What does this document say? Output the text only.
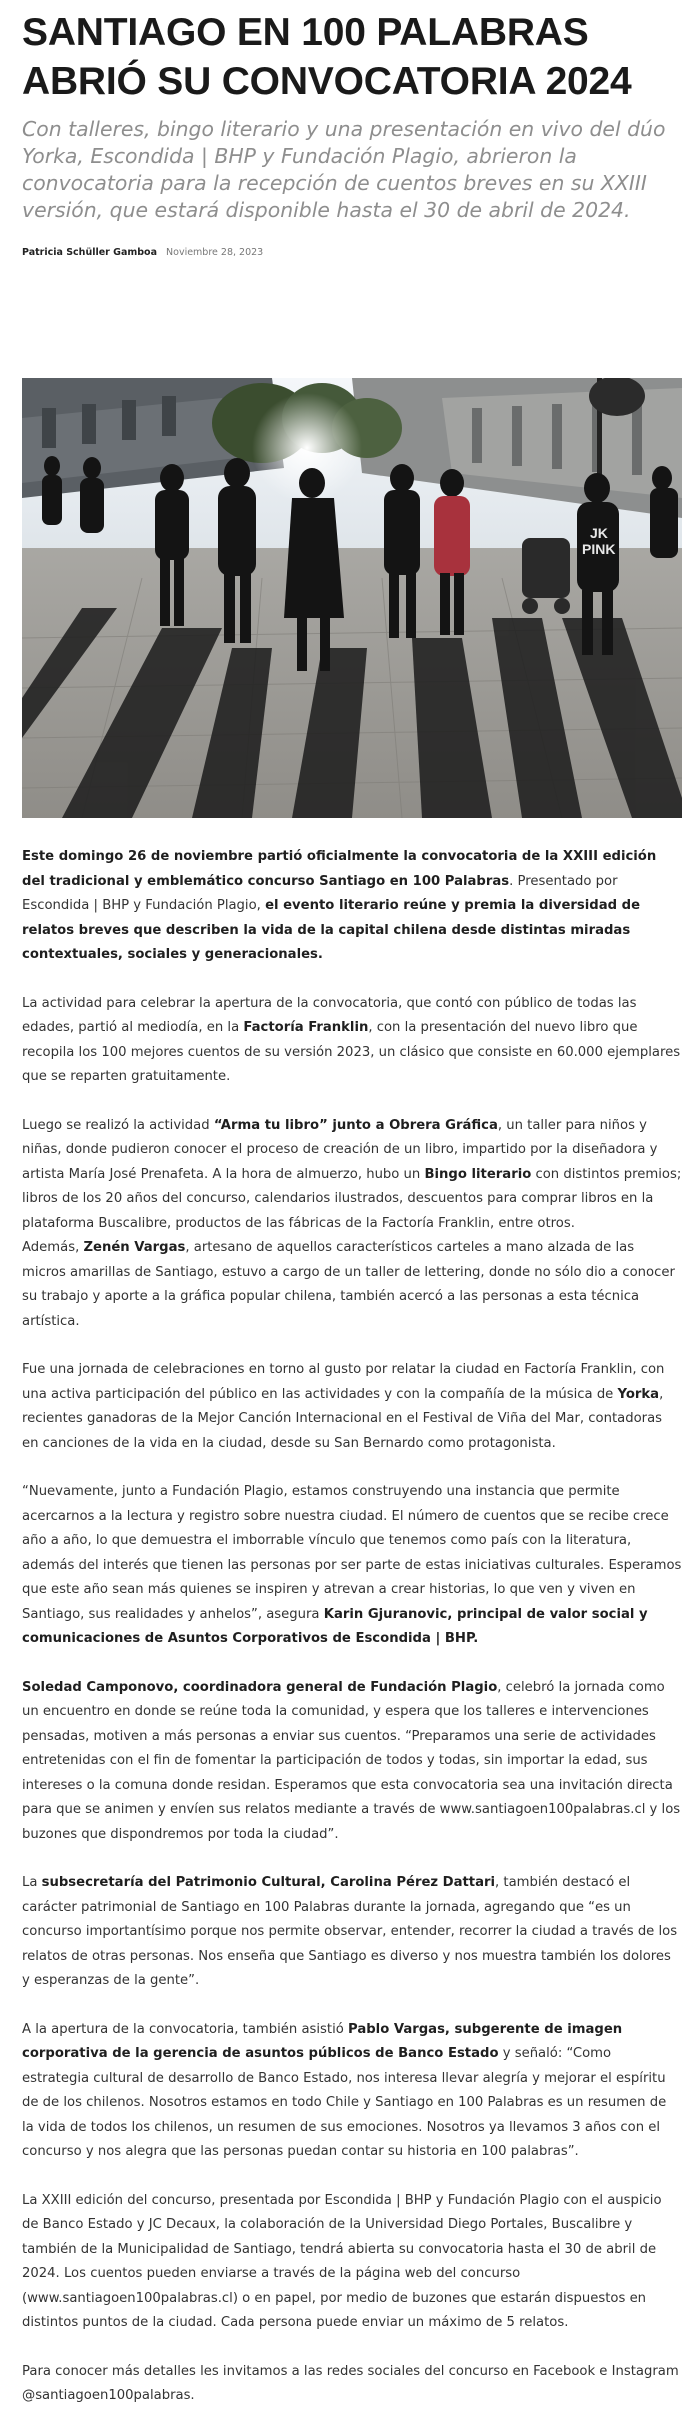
SANTIAGO EN 100 PALABRAS ABRIÓ SU CONVOCATORIA 2024

Con talleres, bingo literario y una presentación en vivo del dúo Yorka, Escondida | BHP y Fundación Plagio, abrieron la convocatoria para la recepción de cuentos breves en su XXIII versión, que estará disponible hasta el 30 de abril de 2024.

Patricia Schüller Gamboa Noviembre 28, 2023
JK
PINK

Este domingo 26 de noviembre partió oficialmente la convocatoria de la XXIII edición del tradicional y emblemático concurso Santiago en 100 Palabras. Presentado por Escondida | BHP y Fundación Plagio, el evento literario reúne y premia la diversidad de relatos breves que describen la vida de la capital chilena desde distintas miradas contextuales, sociales y generacionales.

La actividad para celebrar la apertura de la convocatoria, que contó con público de todas las edades, partió al mediodía, en la Factoría Franklin, con la presentación del nuevo libro que recopila los 100 mejores cuentos de su versión 2023, un clásico que consiste en 60.000 ejemplares que se reparten gratuitamente.

Luego se realizó la actividad “Arma tu libro” junto a Obrera Gráfica, un taller para niños y niñas, donde pudieron conocer el proceso de creación de un libro, impartido por la diseñadora y artista María José Prenafeta. A la hora de almuerzo, hubo un Bingo literario con distintos premios; libros de los 20 años del concurso, calendarios ilustrados, descuentos para comprar libros en la plataforma Buscalibre, productos de las fábricas de la Factoría Franklin, entre otros.
Además, Zenén Vargas, artesano de aquellos característicos carteles a mano alzada de las micros amarillas de Santiago, estuvo a cargo de un taller de lettering, donde no sólo dio a conocer su trabajo y aporte a la gráfica popular chilena, también acercó a las personas a esta técnica artística.

Fue una jornada de celebraciones en torno al gusto por relatar la ciudad en Factoría Franklin, con una activa participación del público en las actividades y con la compañía de la música de Yorka, recientes ganadoras de la Mejor Canción Internacional en el Festival de Viña del Mar, contadoras en canciones de la vida en la ciudad, desde su San Bernardo como protagonista.

“Nuevamente, junto a Fundación Plagio, estamos construyendo una instancia que permite acercarnos a la lectura y registro sobre nuestra ciudad. El número de cuentos que se recibe crece año a año, lo que demuestra el imborrable vínculo que tenemos como país con la literatura, además del interés que tienen las personas por ser parte de estas iniciativas culturales. Esperamos que este año sean más quienes se inspiren y atrevan a crear historias, lo que ven y viven en Santiago, sus realidades y anhelos”, asegura Karin Gjuranovic, principal de valor social y comunicaciones de Asuntos Corporativos de Escondida | BHP.

Soledad Camponovo, coordinadora general de Fundación Plagio, celebró la jornada como un encuentro en donde se reúne toda la comunidad, y espera que los talleres e intervenciones pensadas, motiven a más personas a enviar sus cuentos. “Preparamos una serie de actividades entretenidas con el fin de fomentar la participación de todos y todas, sin importar la edad, sus intereses o la comuna donde residan. Esperamos que esta convocatoria sea una invitación directa para que se animen y envíen sus relatos mediante a través de www.santiagoen100palabras.cl y los buzones que dispondremos por toda la ciudad”.

La subsecretaría del Patrimonio Cultural, Carolina Pérez Dattari, también destacó el carácter patrimonial de Santiago en 100 Palabras durante la jornada, agregando que “es un concurso importantísimo porque nos permite observar, entender, recorrer la ciudad a través de los relatos de otras personas. Nos enseña que Santiago es diverso y nos muestra también los dolores y esperanzas de la gente”.

A la apertura de la convocatoria, también asistió Pablo Vargas, subgerente de imagen corporativa de la gerencia de asuntos públicos de Banco Estado y señaló: “Como estrategia cultural de desarrollo de Banco Estado, nos interesa llevar alegría y mejorar el espíritu de de los chilenos. Nosotros estamos en todo Chile y Santiago en 100 Palabras es un resumen de la vida de todos los chilenos, un resumen de sus emociones. Nosotros ya llevamos 3 años con el concurso y nos alegra que las personas puedan contar su historia en 100 palabras”.

La XXIII edición del concurso, presentada por Escondida | BHP y Fundación Plagio con el auspicio de Banco Estado y JC Decaux, la colaboración de la Universidad Diego Portales, Buscalibre y también de la Municipalidad de Santiago, tendrá abierta su convocatoria hasta el 30 de abril de 2024. Los cuentos pueden enviarse a través de la página web del concurso (www.santiagoen100palabras.cl) o en papel, por medio de buzones que estarán dispuestos en distintos puntos de la ciudad. Cada persona puede enviar un máximo de 5 relatos.

Para conocer más detalles les invitamos a las redes sociales del concurso en Facebook e Instagram @santiagoen100palabras.
